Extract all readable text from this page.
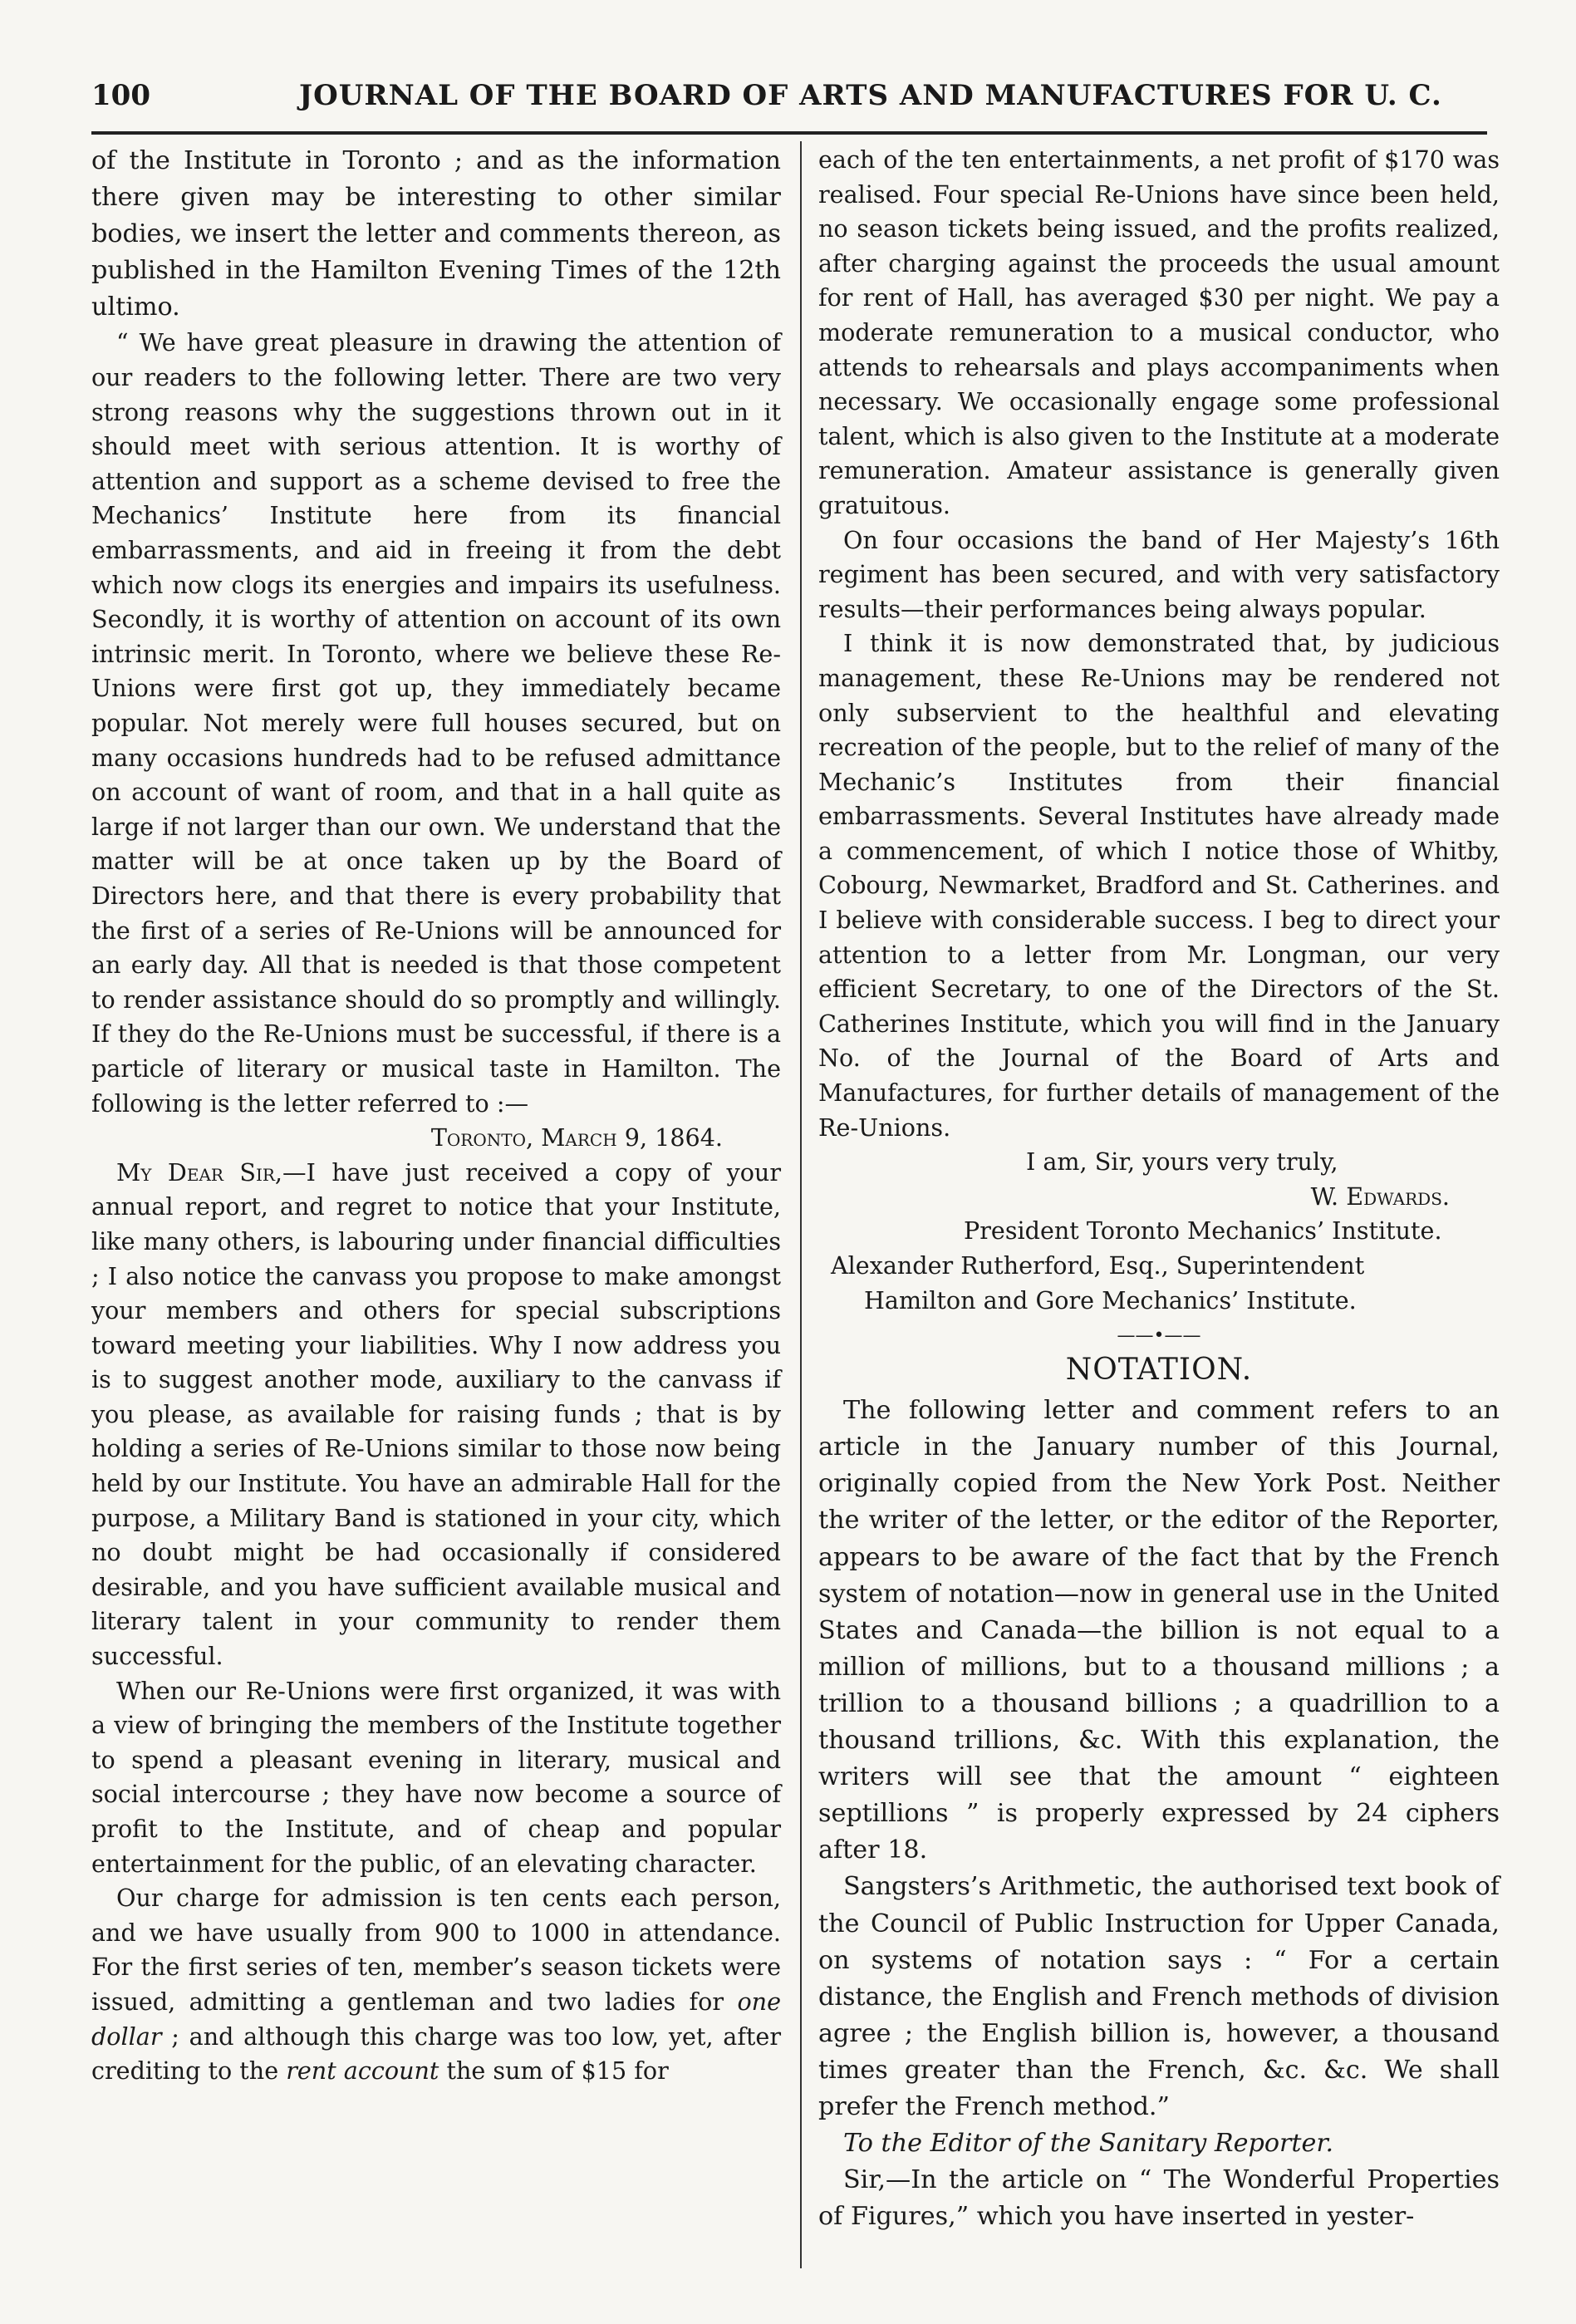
100	JOURNAL OF THE BOARD OF ARTS AND MANUFACTURES FOR U. C.

of the Institute in Toronto ; and as the information there given may be interesting to other similar bodies, we insert the letter and comments thereon, as published in the Hamilton Evening Times of the 12th ultimo.

“ We have great pleasure in drawing the attention of our readers to the following letter. There are two very strong reasons why the suggestions thrown out in it should meet with serious attention. It is worthy of attention and support as a scheme devised to free the Mechanics’ Institute here from its financial embarrassments, and aid in freeing it from the debt which now clogs its energies and impairs its usefulness. Secondly, it is worthy of attention on account of its own intrinsic merit. In Toronto, where we believe these Re-Unions were first got up, they immediately became popular. Not merely were full houses secured, but on many occasions hundreds had to be refused admittance on account of want of room, and that in a hall quite as large if not larger than our own. We understand that the matter will be at once taken up by the Board of Directors here, and that there is every probability that the first of a series of Re-Unions will be announced for an early day. All that is needed is that those competent to render assistance should do so promptly and willingly. If they do the Re-Unions must be successful, if there is a particle of literary or musical taste in Hamilton. The following is the letter referred to :—

Toronto, March 9, 1864.

My Dear Sir,—I have just received a copy of your annual report, and regret to notice that your Institute, like many others, is labouring under financial difficulties ; I also notice the canvass you propose to make amongst your members and others for special subscriptions toward meeting your liabilities. Why I now address you is to suggest another mode, auxiliary to the canvass if you please, as available for raising funds ; that is by holding a series of Re-Unions similar to those now being held by our Institute. You have an admirable Hall for the purpose, a Military Band is stationed in your city, which no doubt might be had occasionally if considered desirable, and you have sufficient available musical and literary talent in your community to render them successful.

When our Re-Unions were first organized, it was with a view of bringing the members of the Institute together to spend a pleasant evening in literary, musical and social intercourse ; they have now become a source of profit to the Institute, and of cheap and popular entertainment for the public, of an elevating character.

Our charge for admission is ten cents each person, and we have usually from 900 to 1000 in attendance. For the first series of ten, member’s season tickets were issued, admitting a gentleman and two ladies for one dollar ; and although this charge was too low, yet, after crediting to the rent account the sum of $15 for

each of the ten entertainments, a net profit of $170 was realised. Four special Re-Unions have since been held, no season tickets being issued, and the profits realized, after charging against the proceeds the usual amount for rent of Hall, has averaged $30 per night. We pay a moderate remuneration to a musical conductor, who attends to rehearsals and plays accompaniments when necessary. We occasionally engage some professional talent, which is also given to the Institute at a moderate remuneration. Amateur assistance is generally given gratuitous.

On four occasions the band of Her Majesty’s 16th regiment has been secured, and with very satisfactory results—their performances being always popular.

I think it is now demonstrated that, by judicious management, these Re-Unions may be rendered not only subservient to the healthful and elevating recreation of the people, but to the relief of many of the Mechanic’s Institutes from their financial embarrassments. Several Institutes have already made a commencement, of which I notice those of Whitby, Cobourg, Newmarket, Bradford and St. Catherines. and I believe with considerable success. I beg to direct your attention to a letter from Mr. Longman, our very efficient Secretary, to one of the Directors of the St. Catherines Institute, which you will find in the January No. of the Journal of the Board of Arts and Manufactures, for further details of management of the Re-Unions.

I am, Sir, yours very truly,

W. Edwards.

President Toronto Mechanics’ Institute.

Alexander Rutherford, Esq., Superintendent

Hamilton and Gore Mechanics’ Institute.

——•——
NOTATION.

The following letter and comment refers to an article in the January number of this Journal, originally copied from the New York Post. Neither the writer of the letter, or the editor of the Reporter, appears to be aware of the fact that by the French system of notation—now in general use in the United States and Canada—the billion is not equal to a million of millions, but to a thousand millions ; a trillion to a thousand billions ; a quadrillion to a thousand trillions, &c. With this explanation, the writers will see that the amount “ eighteen septillions ” is properly expressed by 24 ciphers after 18.

Sangsters’s Arithmetic, the authorised text book of the Council of Public Instruction for Upper Canada, on systems of notation says : “ For a certain distance, the English and French methods of division agree ; the English billion is, however, a thousand times greater than the French, &c. &c. We shall prefer the French method.”

To the Editor of the Sanitary Reporter.

Sir,—In the article on “ The Wonderful Properties of Figures,” which you have inserted in yester-
